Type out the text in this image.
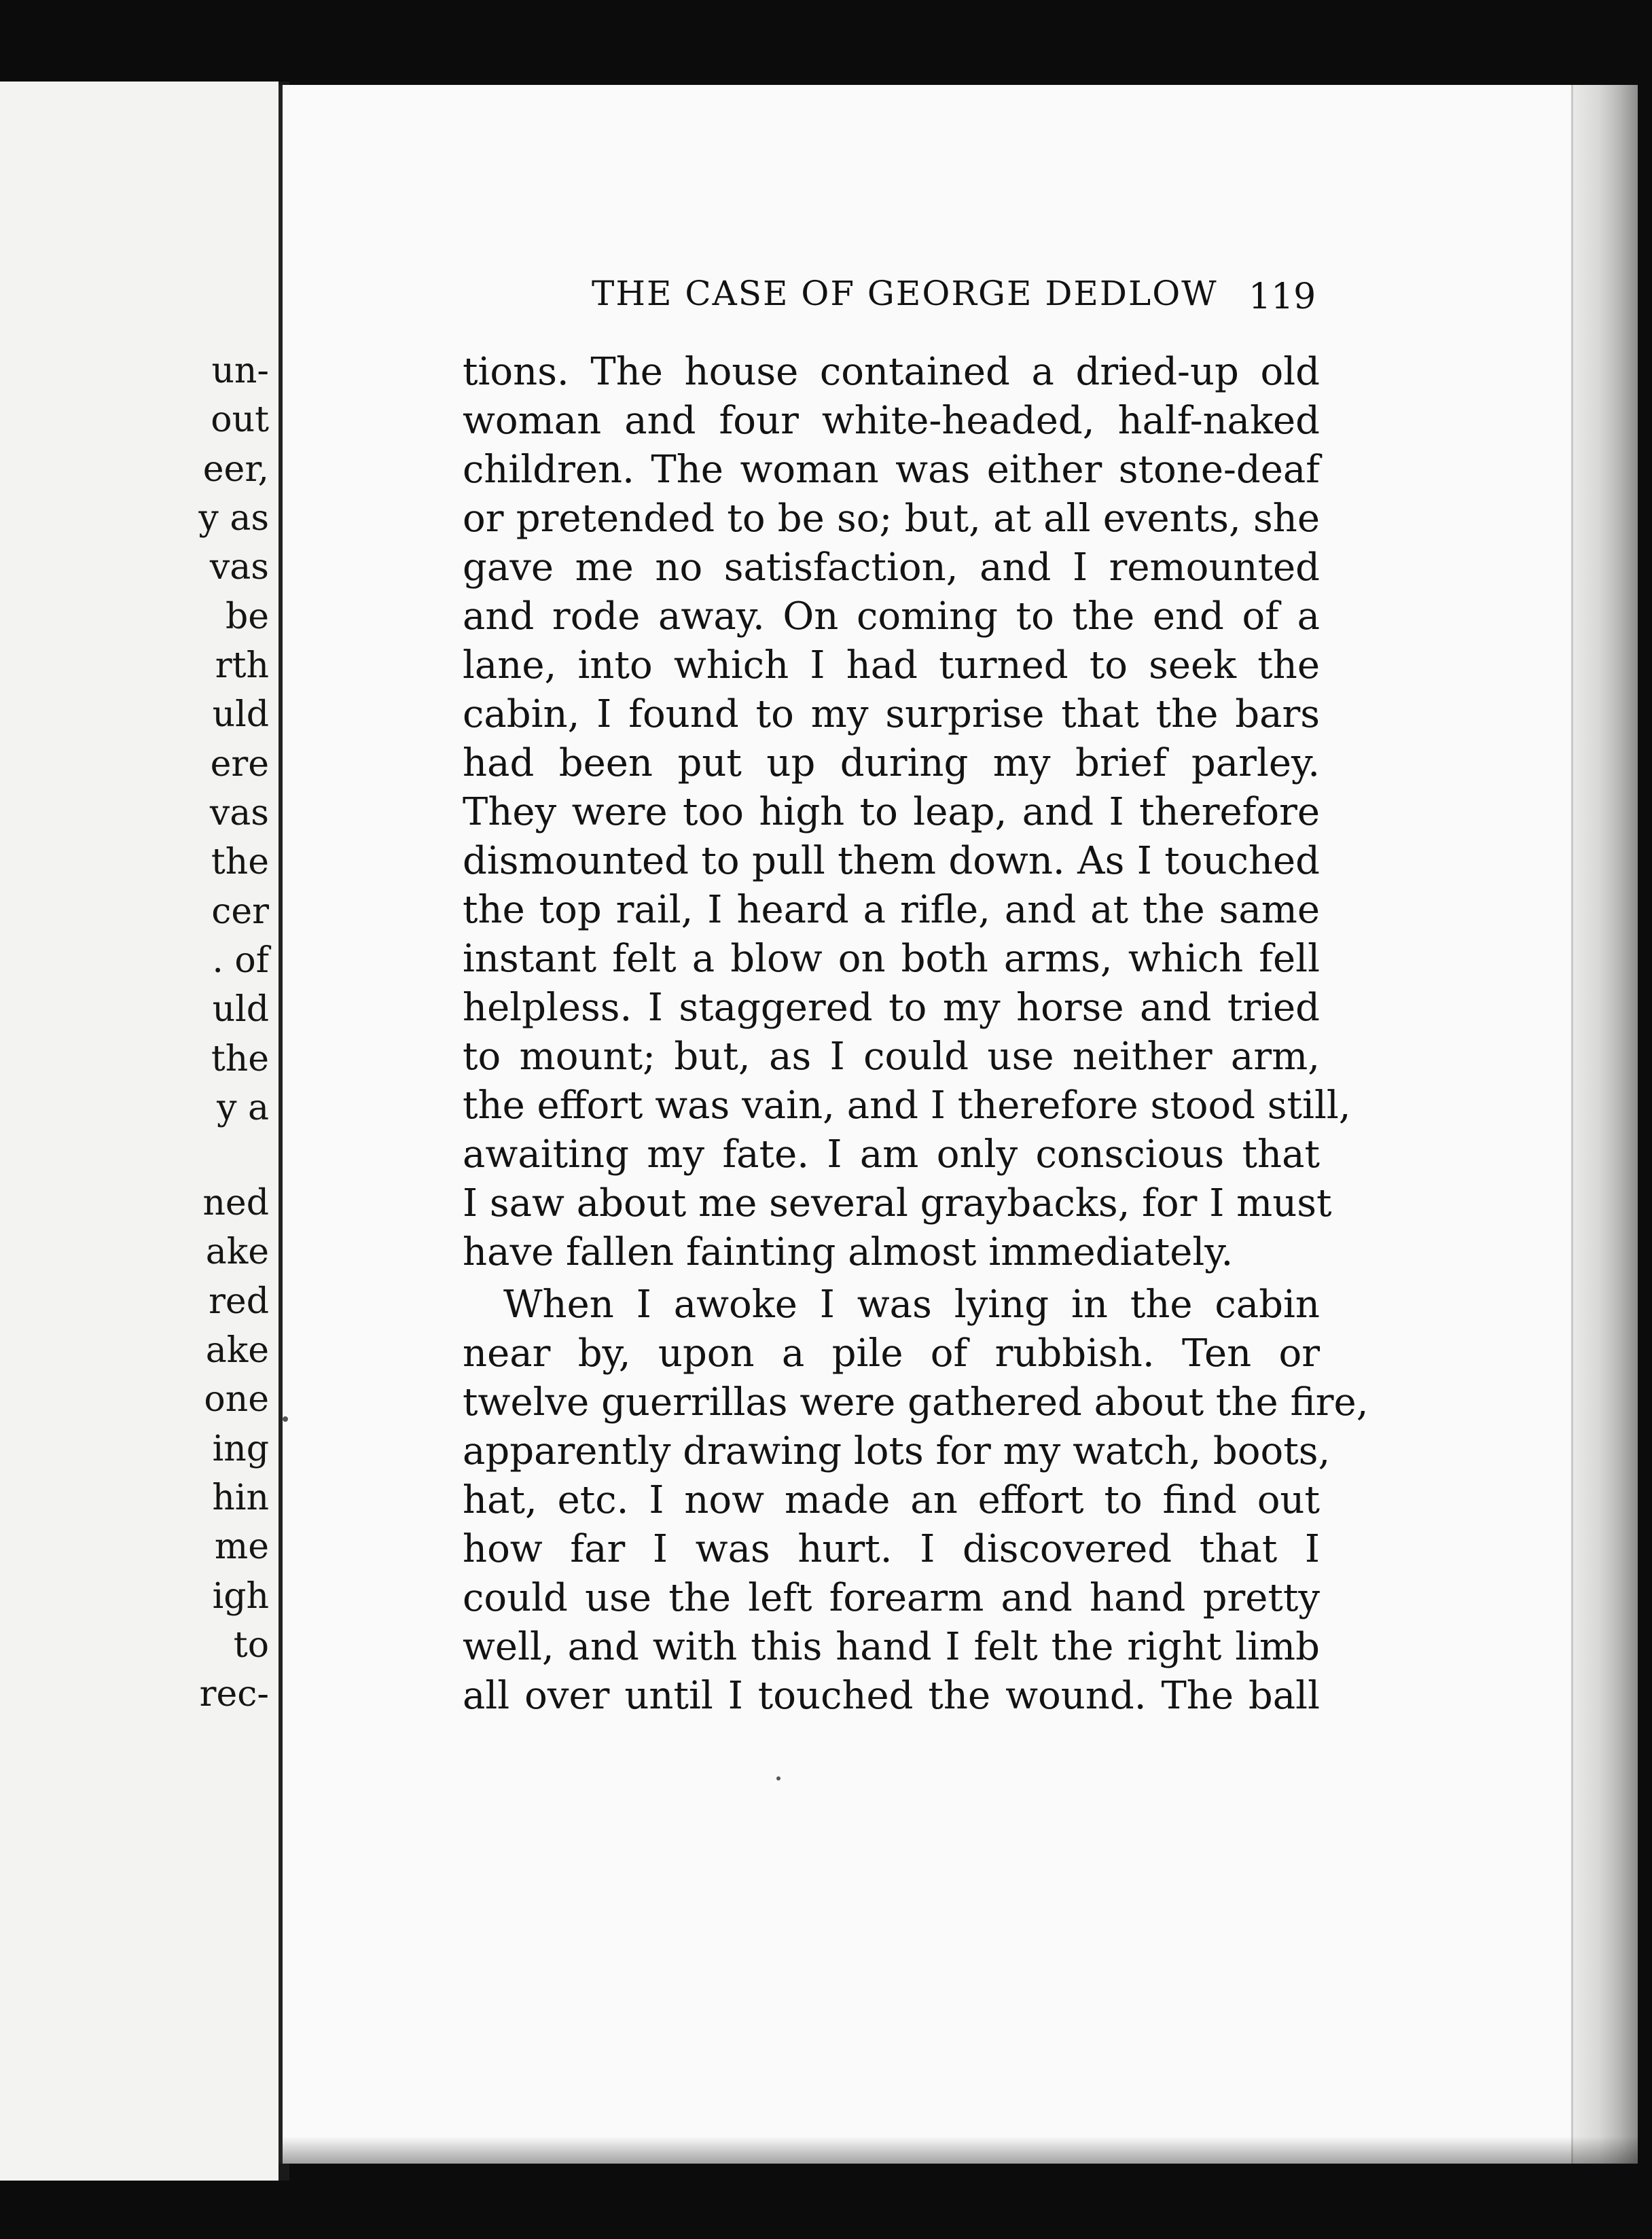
un-
out
eer,
y as
vas
be
rth
uld
ere
vas
the
cer
. of
uld
the
y a
ned
ake
red
ake
one
ing
hin
me
igh
to
rec-
THE CASE OF GEORGE DEDLOW 119
tions. The house contained a dried-up old
woman and four white-headed, half-naked
children. The woman was either stone-deaf
or pretended to be so; but, at all events, she
gave me no satisfaction, and I remounted
and rode away. On coming to the end of a
lane, into which I had turned to seek the
cabin, I found to my surprise that the bars
had been put up during my brief parley.
They were too high to leap, and I therefore
dismounted to pull them down. As I touched
the top rail, I heard a rifle, and at the same
instant felt a blow on both arms, which fell
helpless. I staggered to my horse and tried
to mount; but, as I could use neither arm,
the effort was vain, and I therefore stood still,
awaiting my fate. I am only conscious that
I saw about me several graybacks, for I must
have fallen fainting almost immediately.
When I awoke I was lying in the cabin
near by, upon a pile of rubbish. Ten or
twelve guerrillas were gathered about the fire,
apparently drawing lots for my watch, boots,
hat, etc. I now made an effort to find out
how far I was hurt. I discovered that I
could use the left forearm and hand pretty
well, and with this hand I felt the right limb
all over until I touched the wound. The ball
